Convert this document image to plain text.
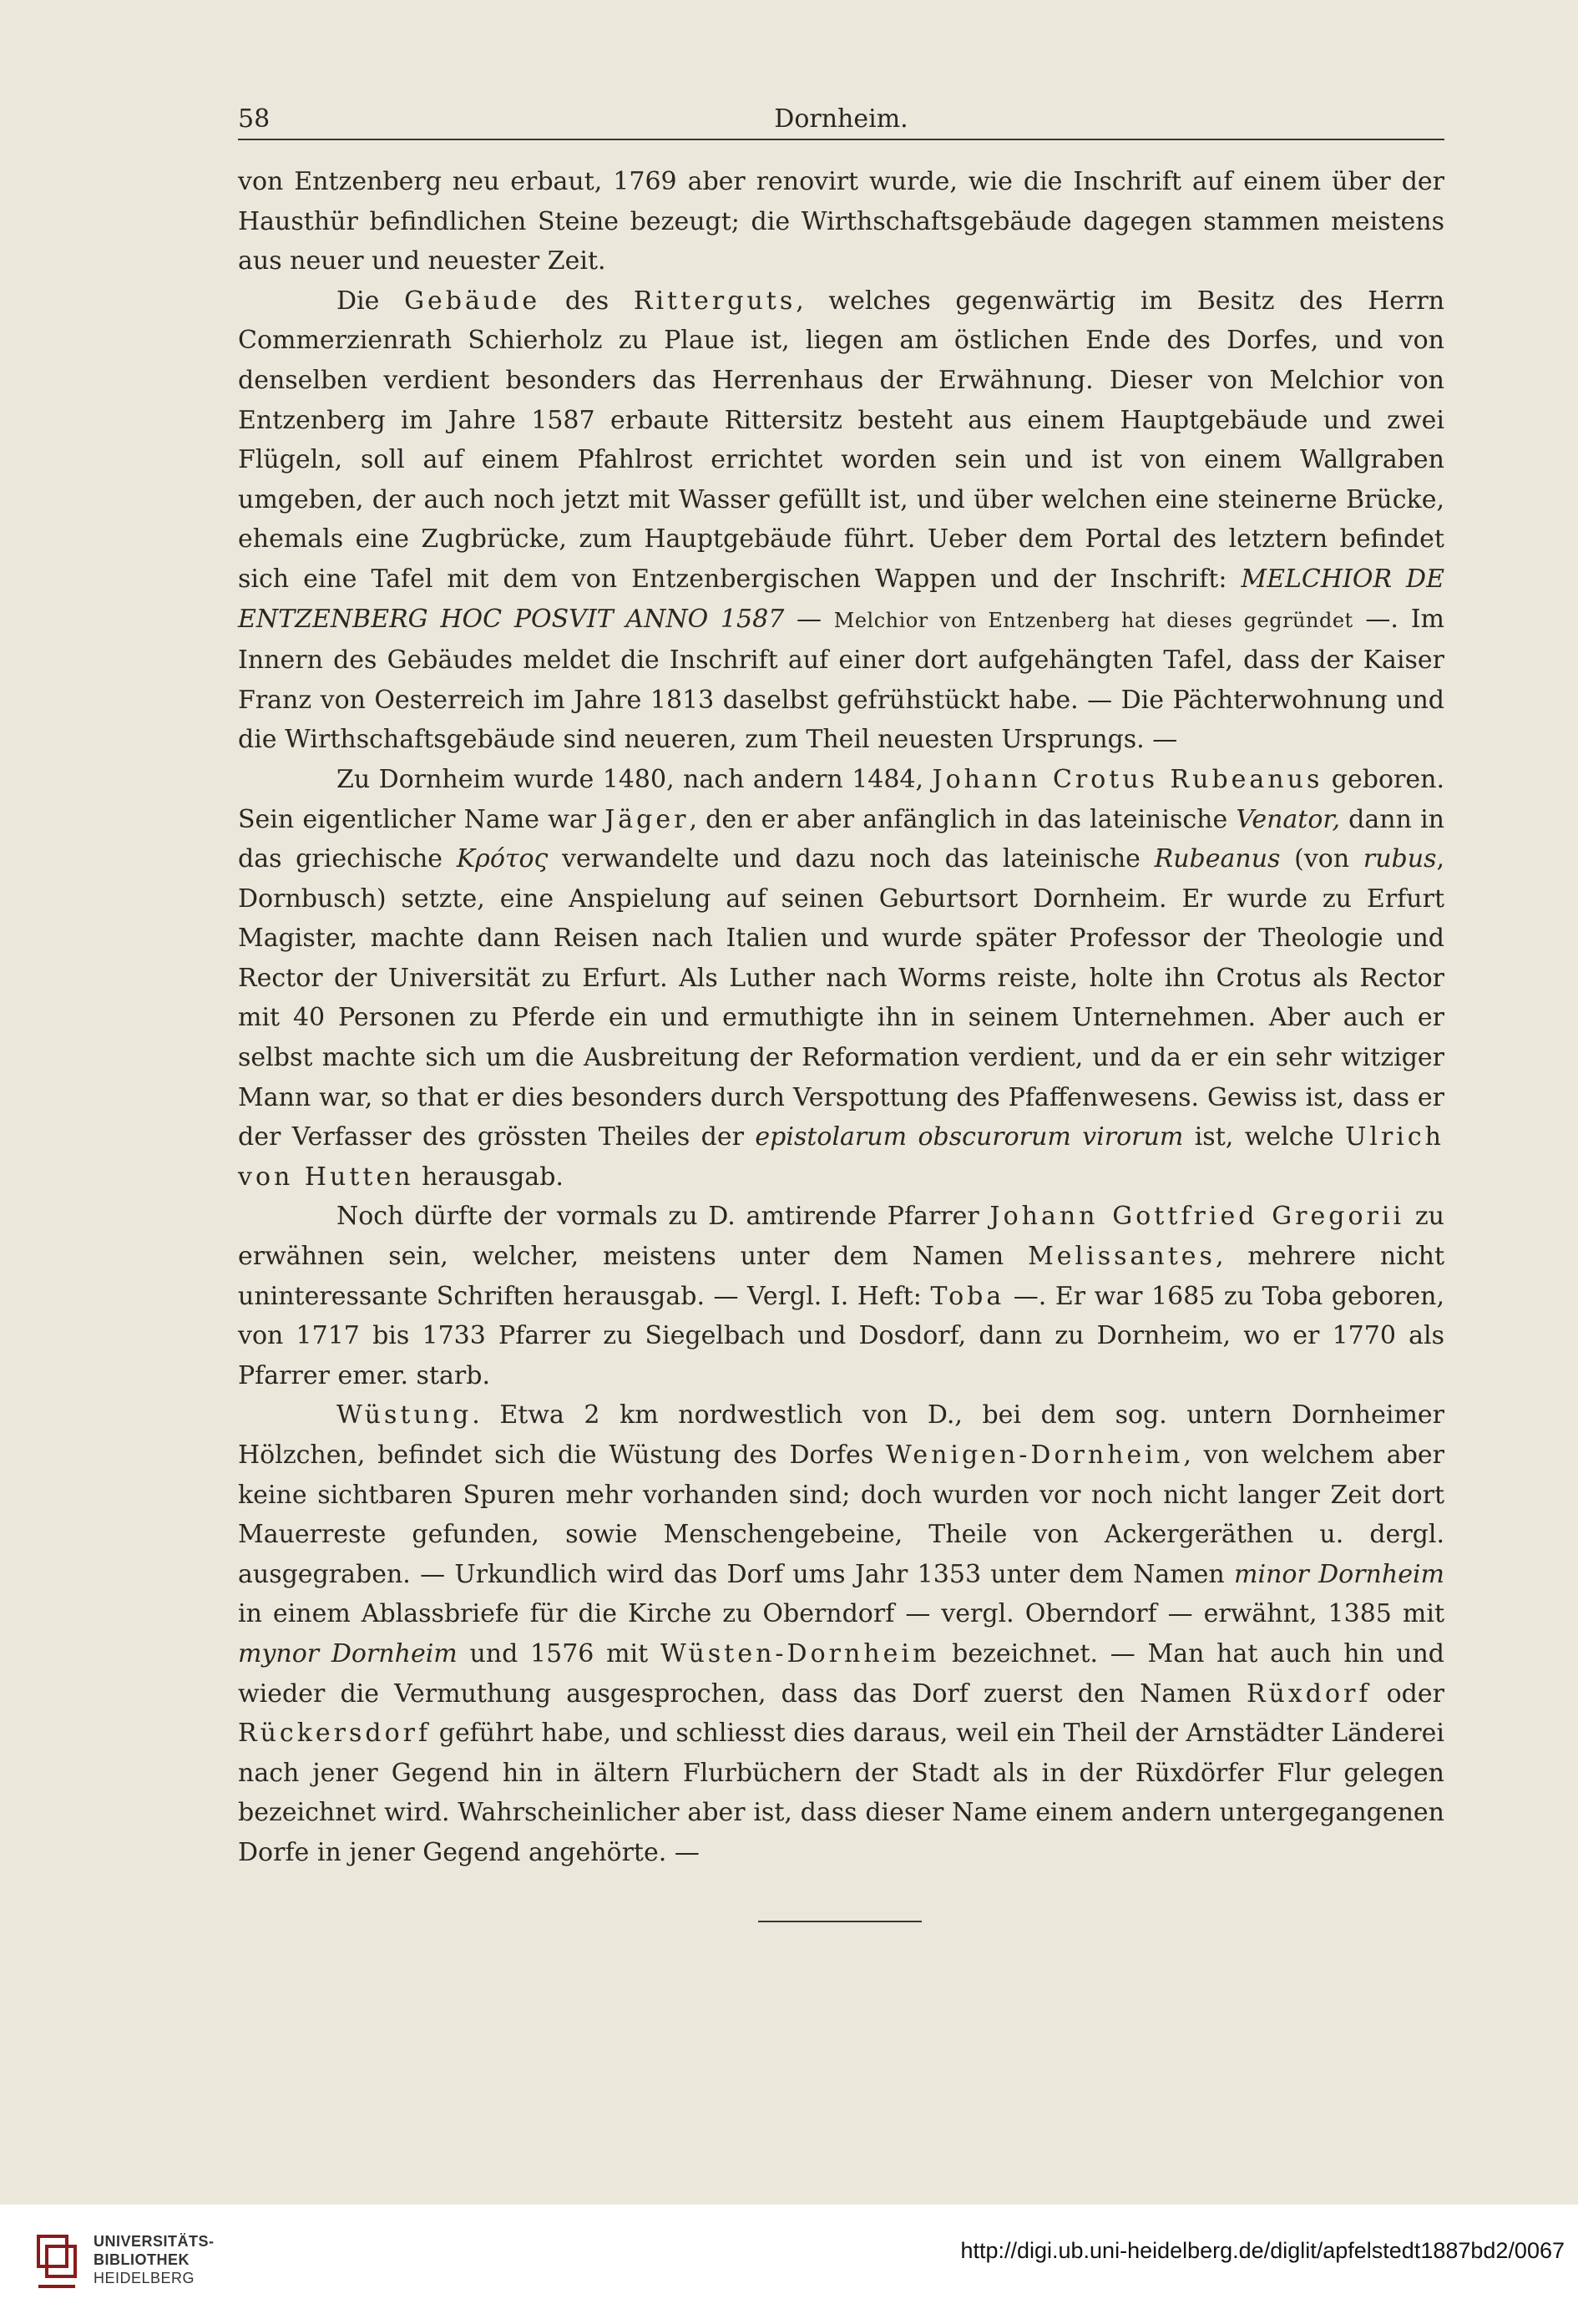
58	Dornheim.

von Entzenberg neu erbaut, 1769 aber renovirt wurde, wie die Inschrift auf einem über der Hausthür befindlichen Steine bezeugt; die Wirthschaftsgebäude dagegen stammen meistens aus neuer und neuester Zeit.

Die Gebäude des Ritterguts, welches gegenwärtig im Besitz des Herrn Commerzienrath Schierholz zu Plaue ist, liegen am östlichen Ende des Dorfes, und von denselben verdient besonders das Herrenhaus der Erwähnung. Dieser von Melchior von Entzenberg im Jahre 1587 erbaute Rittersitz besteht aus einem Hauptgebäude und zwei Flügeln, soll auf einem Pfahlrost errichtet worden sein und ist von einem Wallgraben umgeben, der auch noch jetzt mit Wasser gefüllt ist, und über welchen eine steinerne Brücke, ehemals eine Zugbrücke, zum Hauptgebäude führt. Ueber dem Portal des letztern befindet sich eine Tafel mit dem von Entzenbergischen Wappen und der Inschrift: MELCHIOR DE ENTZENBERG HOC POSVIT ANNO 1587 — Melchior von Entzenberg hat dieses gegründet —. Im Innern des Gebäudes meldet die Inschrift auf einer dort aufgehängten Tafel, dass der Kaiser Franz von Oesterreich im Jahre 1813 daselbst gefrühstückt habe. — Die Pächterwohnung und die Wirthschaftsgebäude sind neueren, zum Theil neuesten Ursprungs. —

Zu Dornheim wurde 1480, nach andern 1484, Johann Crotus Rubeanus geboren. Sein eigentlicher Name war Jäger, den er aber anfänglich in das lateinische Venator, dann in das griechische Κρότος verwandelte und dazu noch das lateinische Rubeanus (von rubus, Dornbusch) setzte, eine Anspielung auf seinen Geburtsort Dornheim. Er wurde zu Erfurt Magister, machte dann Reisen nach Italien und wurde später Professor der Theologie und Rector der Universität zu Erfurt. Als Luther nach Worms reiste, holte ihn Crotus als Rector mit 40 Personen zu Pferde ein und ermuthigte ihn in seinem Unternehmen. Aber auch er selbst machte sich um die Ausbreitung der Reformation verdient, und da er ein sehr witziger Mann war, so that er dies besonders durch Verspottung des Pfaffenwesens. Gewiss ist, dass er der Verfasser des grössten Theiles der epistolarum obscurorum virorum ist, welche Ulrich von Hutten herausgab.

Noch dürfte der vormals zu D. amtirende Pfarrer Johann Gottfried Gregorii zu erwähnen sein, welcher, meistens unter dem Namen Melissantes, mehrere nicht uninteressante Schriften herausgab. — Vergl. I. Heft: Toba —. Er war 1685 zu Toba geboren, von 1717 bis 1733 Pfarrer zu Siegelbach und Dosdorf, dann zu Dornheim, wo er 1770 als Pfarrer emer. starb.

Wüstung. Etwa 2 km nordwestlich von D., bei dem sog. untern Dornheimer Hölzchen, befindet sich die Wüstung des Dorfes Wenigen-Dornheim, von welchem aber keine sichtbaren Spuren mehr vorhanden sind; doch wurden vor noch nicht langer Zeit dort Mauerreste gefunden, sowie Menschengebeine, Theile von Ackergeräthen u. dergl. ausgegraben. — Urkundlich wird das Dorf ums Jahr 1353 unter dem Namen minor Dornheim in einem Ablassbriefe für die Kirche zu Oberndorf — vergl. Oberndorf — erwähnt, 1385 mit mynor Dornheim und 1576 mit Wüsten-Dornheim bezeichnet. — Man hat auch hin und wieder die Vermuthung ausgesprochen, dass das Dorf zuerst den Namen Rüxdorf oder Rückersdorf geführt habe, und schliesst dies daraus, weil ein Theil der Arnstädter Länderei nach jener Gegend hin in ältern Flurbüchern der Stadt als in der Rüxdörfer Flur gelegen bezeichnet wird. Wahrscheinlicher aber ist, dass dieser Name einem andern untergegangenen Dorfe in jener Gegend angehörte. —

UNIVERSITÄTS-
BIBLIOTHEK
HEIDELBERG
http://digi.ub.uni-heidelberg.de/diglit/apfelstedt1887bd2/0067
